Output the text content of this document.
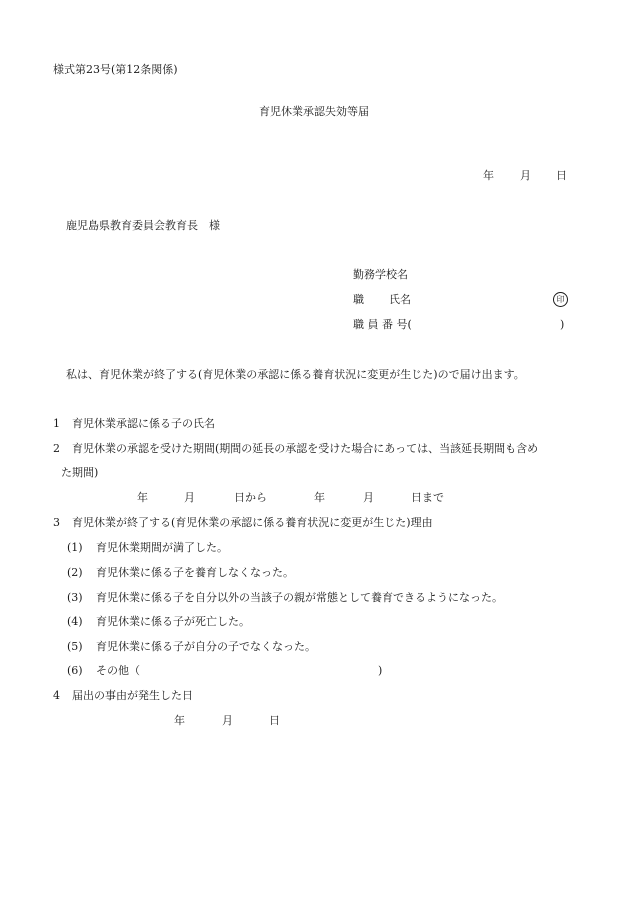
様式第23号(第12条関係)

育児休業承認失効等届

年 月 日

鹿児島県教育委員会教育長　様

勤務学校名
職 氏名	印
職 員 番 号(	)

私は、育児休業が終了する(育児休業の承認に係る養育状況に変更が生じた)ので届け出ます。

1 育児休業承認に係る子の氏名
2 育児休業の承認を受けた期間(期間の延長の承認を受けた場合にあっては、当該延長期間も含め
た期間)
年	月	日から	年	月	日まで
3 育児休業が終了する(育児休業の承認に係る養育状況に変更が生じた)理由
(1) 育児休業期間が満了した。
(2) 育児休業に係る子を養育しなくなった。
(3) 育児休業に係る子を自分以外の当該子の親が常態として養育できるようになった。
(4) 育児休業に係る子が死亡した。
(5) 育児休業に係る子が自分の子でなくなった。
(6) その他（	)
4 届出の事由が発生した日
年	月	日
